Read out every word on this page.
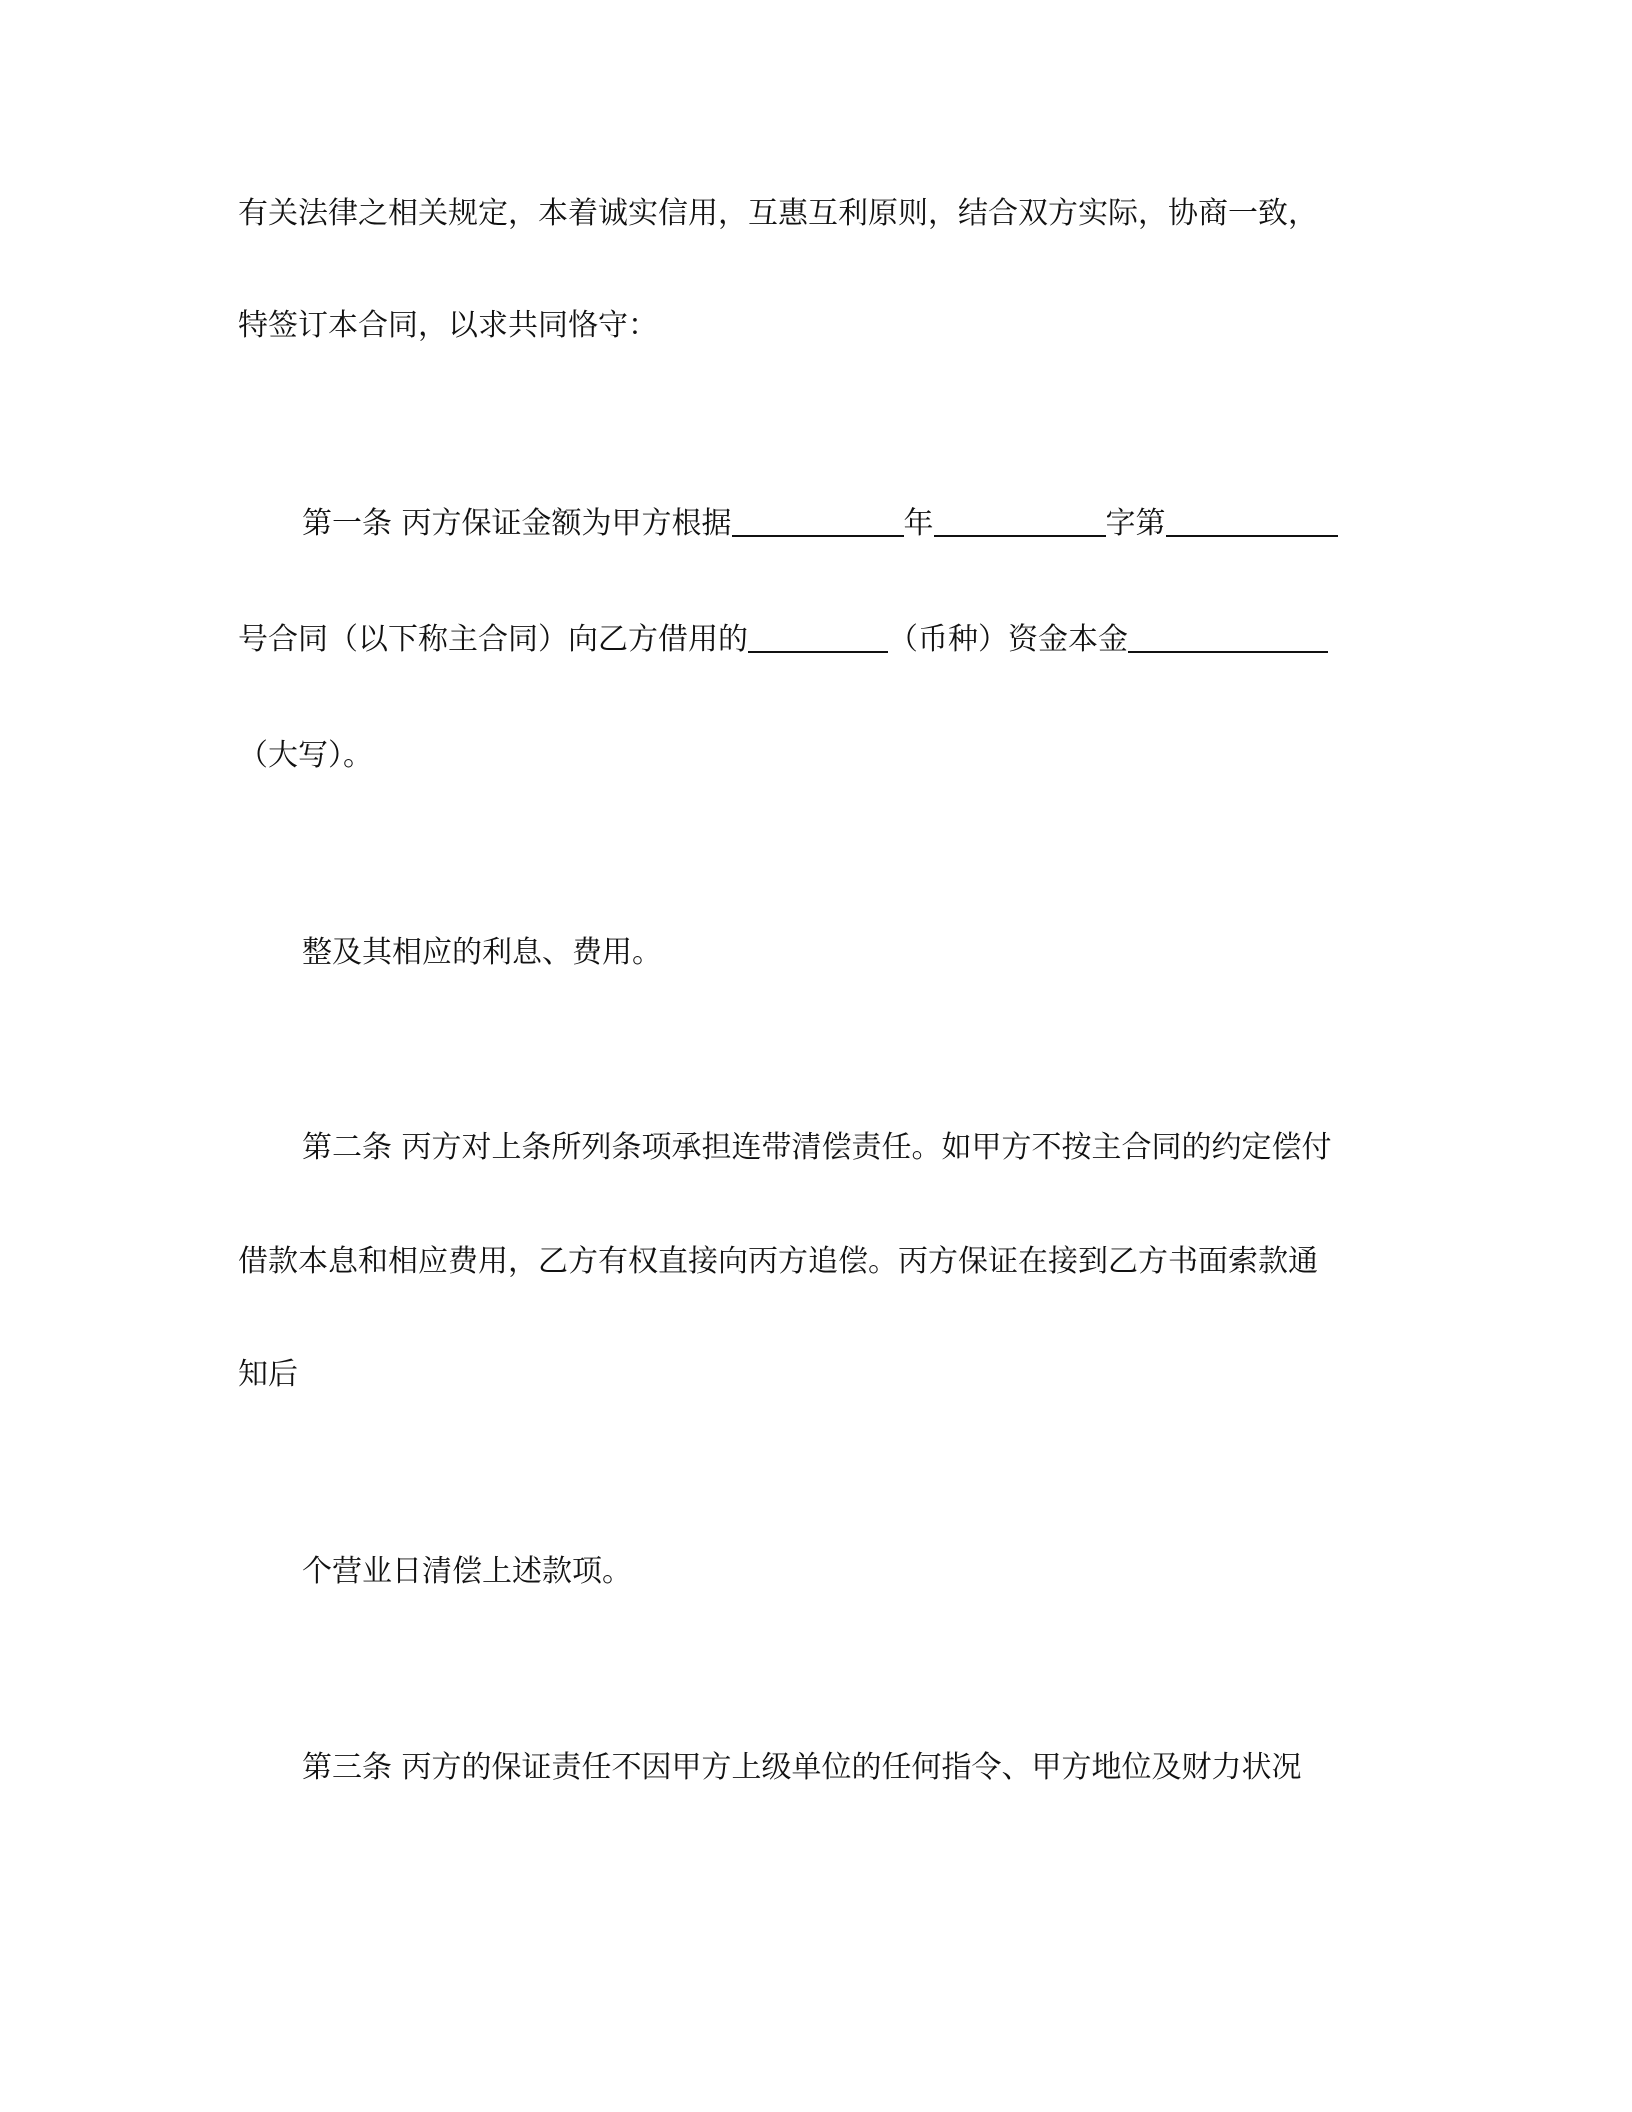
有关法律之相关规定，本着诚实信用，互惠互利原则，结合双方实际，协商一致，
特签订本合同，以求共同恪守：
第一条 丙方保证金额为甲方根据	年	字第
号合同（以下称主合同）向乙方借用的	（币种）资金本金
（大写）。
整及其相应的利息、费用。
第二条 丙方对上条所列条项承担连带清偿责任。如甲方不按主合同的约定偿付
借款本息和相应费用，乙方有权直接向丙方追偿。丙方保证在接到乙方书面索款通
知后
个营业日清偿上述款项。
第三条 丙方的保证责任不因甲方上级单位的任何指令、甲方地位及财力状况
